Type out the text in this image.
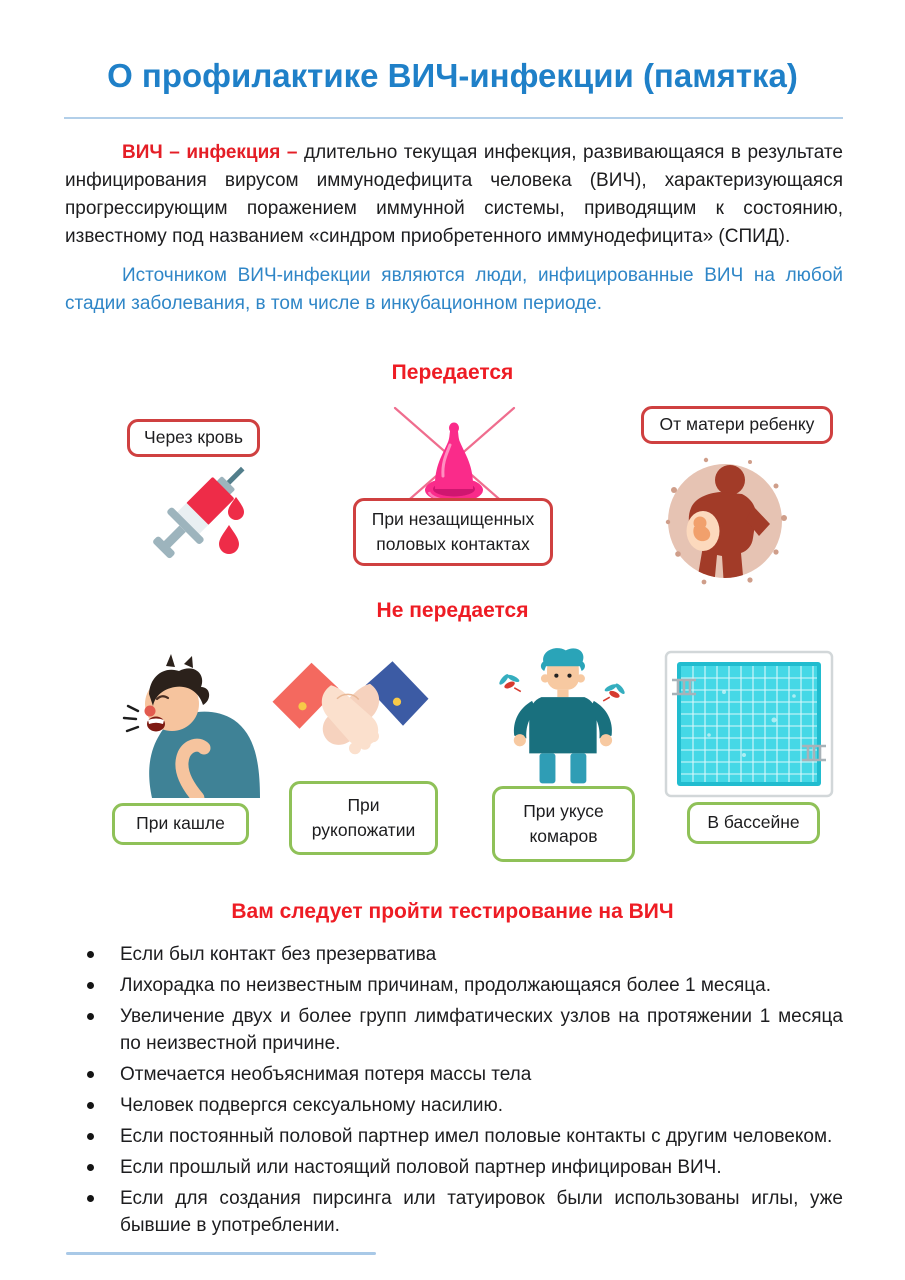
О профилактике ВИЧ-инфекции (памятка)

ВИЧ – инфекция – длительно текущая инфекция, развивающаяся в результате инфицирования вирусом иммунодефицита человека (ВИЧ), характеризующаяся прогрессирующим поражением иммунной системы, приводящим к состоянию, известному под названием «синдром приобретенного иммунодефицита» (СПИД).

Источником ВИЧ-инфекции являются люди, инфицированные ВИЧ на любой стадии заболевания, в том числе в инкубационном периоде.

Передается
Через кровь
При незащищенных половых контактах
От матери ребенку
Не передается
При кашле
При рукопожатии
При укусе комаров
В бассейне
Вам следует пройти тестирование на ВИЧ
Если был контакт без презерватива
Лихорадка по неизвестным причинам, продолжающаяся более 1 месяца.
Увеличение двух и более групп лимфатических узлов на протяжении 1 месяца по неизвестной причине.
Отмечается необъяснимая потеря массы тела
Человек подвергся сексуальному насилию.
Если постоянный половой партнер имел половые контакты с другим человеком.
Если прошлый или настоящий половой партнер инфицирован ВИЧ.
Если для создания пирсинга или татуировок были использованы иглы, уже бывшие в употреблении.
